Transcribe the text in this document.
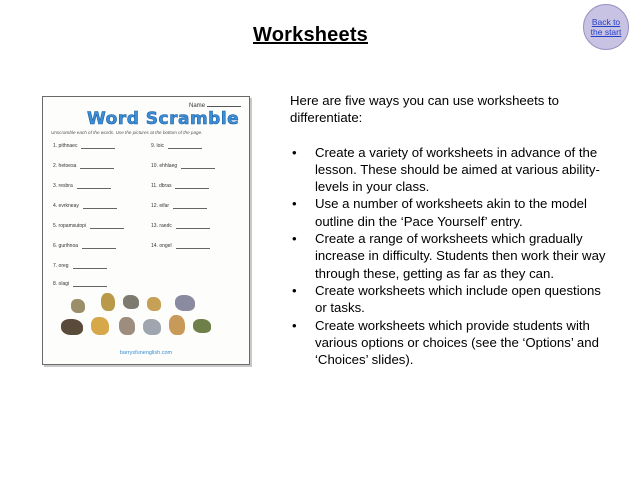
Worksheets
Back to the start
Name
Word Scramble
Unscramble each of the words. Use the pictures at the bottom of the page.
1. pithnaec
2. hetoesa
3. resbra
4. evrkneay
5. ropamsutopi
6. gurihnoa
7. oreg
8. olagi
9. loic
10. ehhlaeg
11. dbras
12. eifar
13. raedc
14. ongel
barrysfunenglish.com

Here are five ways you can use worksheets to differentiate:

• Create a variety of worksheets in advance of the lesson. These should be aimed at various ability-levels in your class.
• Use a number of worksheets akin to the model outline din the ‘Pace Yourself’ entry.
• Create a range of worksheets which gradually increase in difficulty. Students then work their way through these, getting as far as they can.
• Create worksheets which include open questions or tasks.
• Create worksheets which provide students with various options or choices (see the ‘Options’ and ‘Choices’ slides).
